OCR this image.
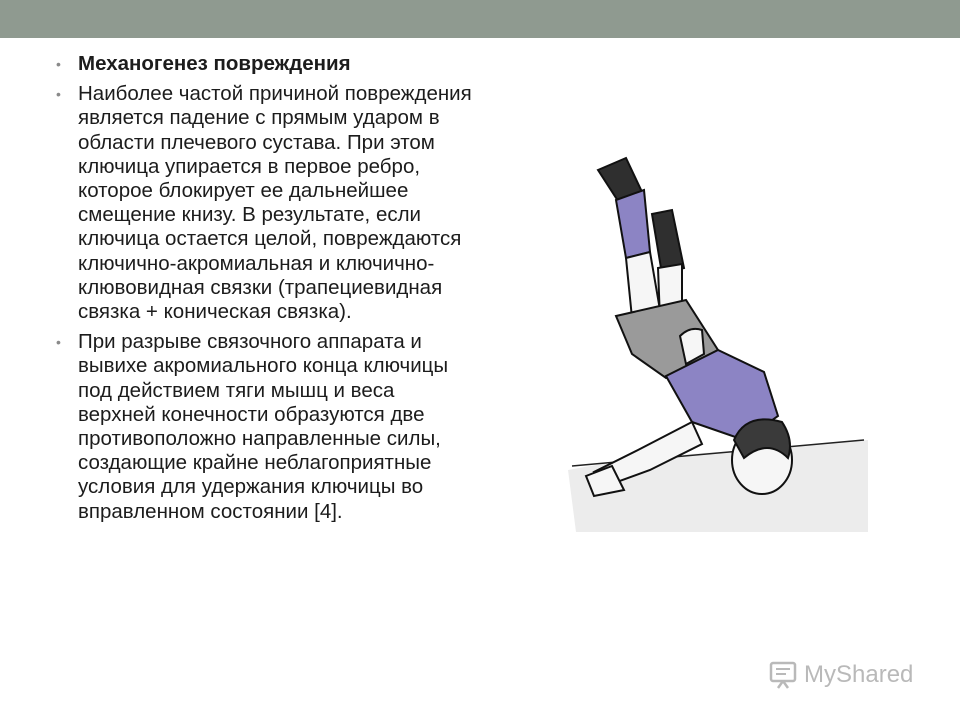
• Механогенез повреждения
• Наиболее частой причиной повреждения является падение с прямым ударом в области плечевого сустава. При этом ключица упирается в первое ребро, которое блокирует ее дальнейшее смещение книзу. В результате, если ключица остается целой, повреждаются ключично-акромиальная и ключично-клювовидная связки (трапециевидная связка + коническая связка).
• При разрыве связочного аппарата и вывихе акромиального конца ключицы под действием тяги мышц и веса верхней конечности образуются две противоположно направленные силы, создающие крайне неблагоприятные условия для удержания ключицы во вправленном состоянии [4].
MyShared
